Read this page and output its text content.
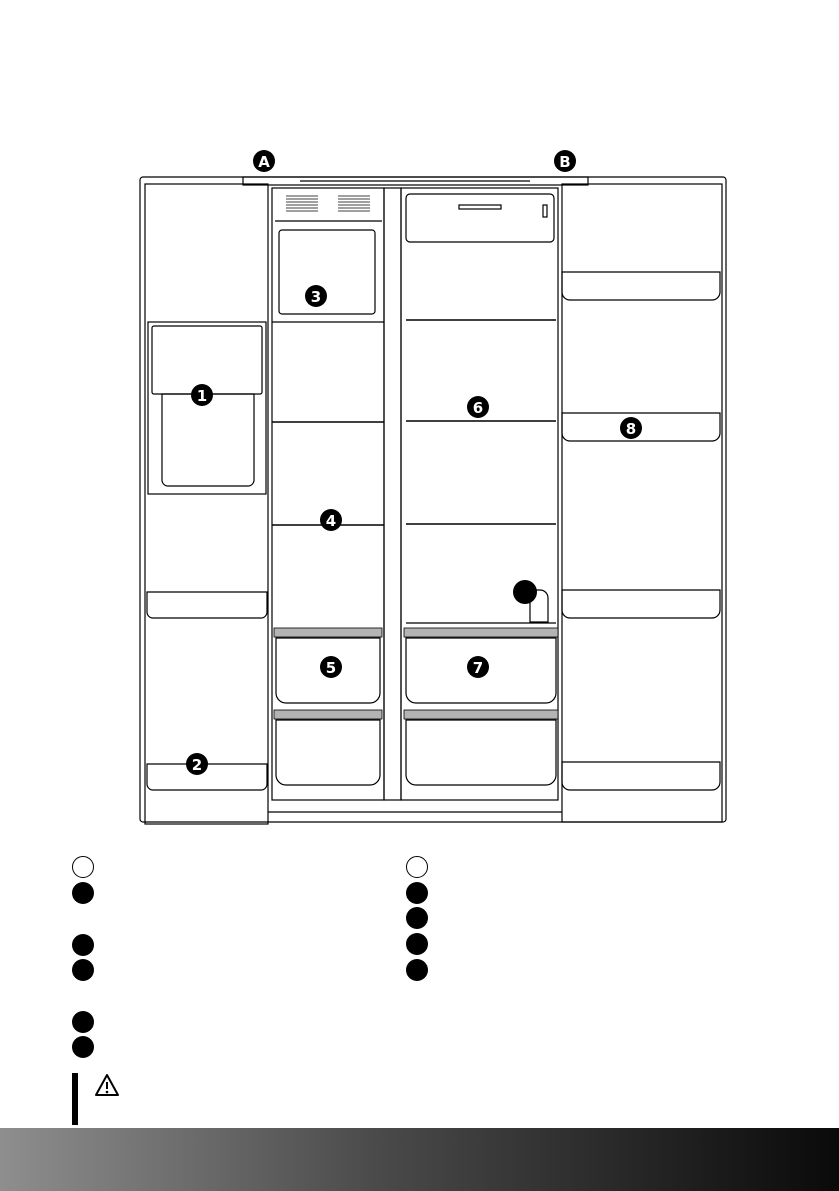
A	B
1
2
3
4
5
6
7
8
